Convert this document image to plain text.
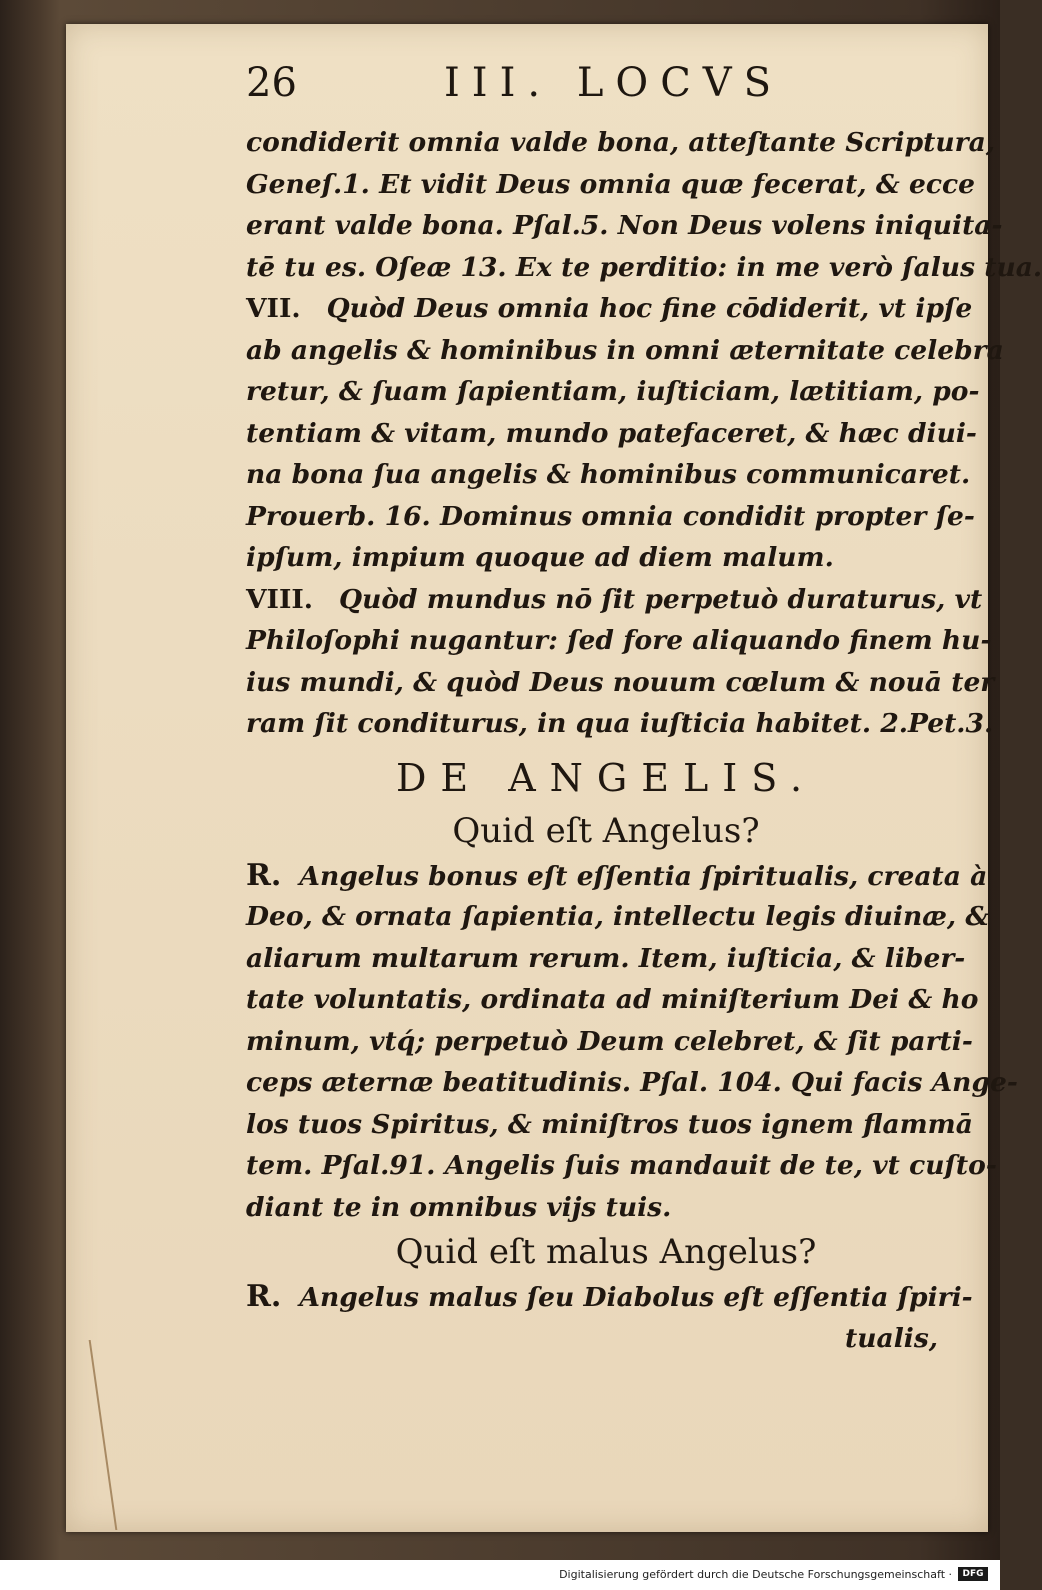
26	III. LOCVS
condiderit omnia valde bona, atteſtante Scriptura,
Geneſ.1. Et vidit Deus omnia quæ fecerat, & ecce
erant valde bona. Pſal.5. Non Deus volens iniquita-
tē tu es. Oſeæ 13. Ex te perditio: in me verò ſalus tua.
VII. Quòd Deus omnia hoc fine cōdiderit, vt ipſe
ab angelis & hominibus in omni æternitate celebra
retur, & ſuam ſapientiam, iuſticiam, lætitiam, po-
tentiam & vitam, mundo patefaceret, & hæc diui-
na bona ſua angelis & hominibus communicaret.
Prouerb. 16. Dominus omnia condidit propter ſe-
ipſum, impium quoque ad diem malum.
VIII. Quòd mundus nō ſit perpetuò duraturus, vt
Philoſophi nugantur: ſed fore aliquando finem hu-
ius mundi, & quòd Deus nouum cœlum & nouā ter
ram ſit conditurus, in qua iuſticia habitet. 2.Pet.3.
DE ANGELIS.
Quid eſt Angelus?
R. Angelus bonus eſt eſſentia ſpiritualis, creata à
Deo, & ornata ſapientia, intellectu legis diuinæ, &
aliarum multarum rerum. Item, iuſticia, & liber-
tate voluntatis, ordinata ad miniſterium Dei & ho
minum, vtq́; perpetuò Deum celebret, & ſit parti-
ceps æternæ beatitudinis. Pſal. 104. Qui facis Ange-
los tuos Spiritus, & miniſtros tuos ignem flammā
tem. Pſal.91. Angelis ſuis mandauit de te, vt cuſto-
diant te in omnibus vijs tuis.
Quid eſt malus Angelus?
R. Angelus malus ſeu Diabolus eſt eſſentia ſpiri-
tualis,
Digitalisierung gefördert durch die Deutsche Forschungsgemeinschaft ·	DFG
